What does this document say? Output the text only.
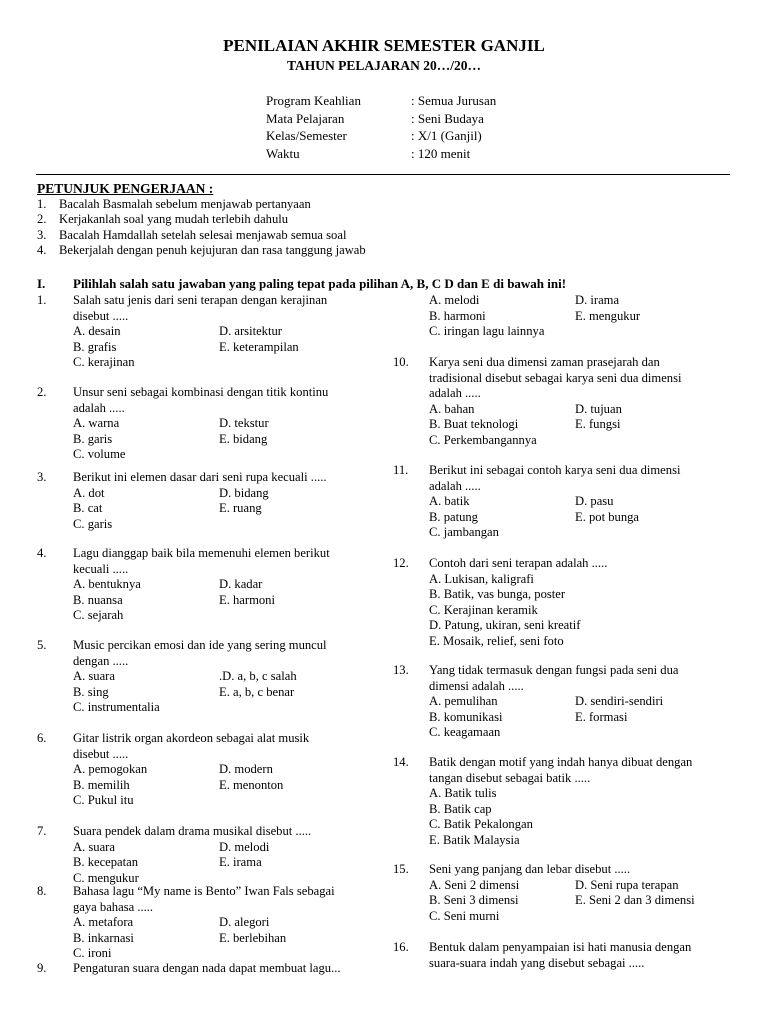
PENILAIAN AKHIR SEMESTER GANJIL
TAHUN PELAJARAN 20…/20…
Program Keahlian	: Semua Jurusan
Mata Pelajaran	: Seni Budaya
Kelas/Semester	: X/1 (Ganjil)
Waktu	: 120 menit
PETUNJUK PENGERJAAN :
1. Bacalah Basmalah sebelum menjawab pertanyaan
2. Kerjakanlah soal yang mudah terlebih dahulu
3. Bacalah Hamdallah setelah selesai menjawab semua soal
4. Bekerjalah dengan penuh kejujuran dan rasa tanggung jawab
I.	Pilihlah salah satu jawaban yang paling tepat pada pilihan A, B, C D dan E di bawah ini!
1. Salah satu jenis dari seni terapan dengan kerajinan
disebut .....
A. desain	D. arsitektur
B. grafis	E. keterampilan
C. kerajinan
2. Unsur seni sebagai kombinasi dengan titik kontinu
adalah .....
A. warna	D. tekstur
B. garis	E. bidang
C. volume
3. Berikut ini elemen dasar dari seni rupa kecuali .....
A. dot	D. bidang
B. cat	E. ruang
C. garis
4. Lagu dianggap baik bila memenuhi elemen berikut
kecuali .....
A. bentuknya	D. kadar
B. nuansa	E. harmoni
C. sejarah
5. Music percikan emosi dan ide yang sering muncul
dengan .....
A. suara	.D. a, b, c salah
B. sing	E. a, b, c benar
C. instrumentalia
6. Gitar listrik organ akordeon sebagai alat musik
disebut .....
A. pemogokan	D. modern
B. memilih	E. menonton
C. Pukul itu
7. Suara pendek dalam drama musikal disebut .....
A. suara	D. melodi
B. kecepatan	E. irama
C. mengukur
8. Bahasa lagu “My name is Bento” Iwan Fals sebagai
gaya bahasa .....
A. metafora	D. alegori
B. inkarnasi	E. berlebihan
C. ironi
9. Pengaturan suara dengan nada dapat membuat lagu...
A. melodi	D. irama
B. harmoni	E. mengukur
C. iringan lagu lainnya
10. Karya seni dua dimensi zaman prasejarah dan
tradisional disebut sebagai karya seni dua dimensi
adalah .....
A. bahan	D. tujuan
B. Buat teknologi	E. fungsi
C. Perkembangannya
11. Berikut ini sebagai contoh karya seni dua dimensi
adalah .....
A. batik	D. pasu
B. patung	E. pot bunga
C. jambangan
12. Contoh dari seni terapan adalah .....
A. Lukisan, kaligrafi
B. Batik, vas bunga, poster
C. Kerajinan keramik
D. Patung, ukiran, seni kreatif
E. Mosaik, relief, seni foto
13. Yang tidak termasuk dengan fungsi pada seni dua
dimensi adalah .....
A. pemulihan	D. sendiri-sendiri
B. komunikasi	E. formasi
C. keagamaan
14. Batik dengan motif yang indah hanya dibuat dengan
tangan disebut sebagai batik .....
A. Batik tulis
B. Batik cap
C. Batik Pekalongan
E. Batik Malaysia
15. Seni yang panjang dan lebar disebut .....
A. Seni 2 dimensi	D. Seni rupa terapan
B. Seni 3 dimensi	E. Seni 2 dan 3 dimensi
C. Seni murni
16. Bentuk dalam penyampaian isi hati manusia dengan
suara-suara indah yang disebut sebagai .....
